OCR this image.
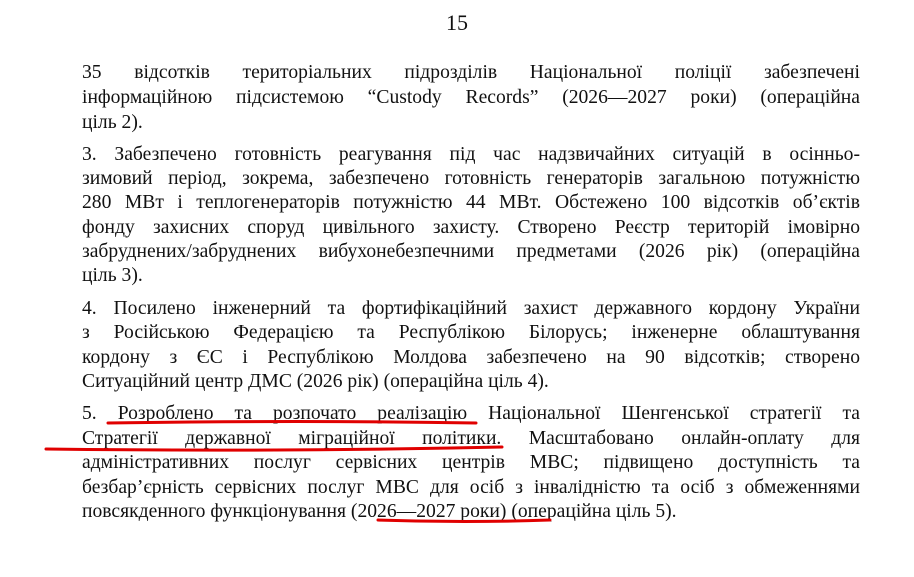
15
35 відсотків територіальних підрозділів Національної поліції забезпечені
інформаційною підсистемою “Custody Records” (2026—2027 роки) (операційна
ціль 2).
3. Забезпечено готовність реагування під час надзвичайних ситуацій в осінньо-
зимовий період, зокрема, забезпечено готовність генераторів загальною потужністю
280 МВт і теплогенераторів потужністю 44 МВт. Обстежено 100 відсотків об’єктів
фонду захисних споруд цивільного захисту. Створено Реєстр територій імовірно
забруднених/забруднених вибухонебезпечними предметами (2026 рік) (операційна
ціль 3).
4. Посилено інженерний та фортифікаційний захист державного кордону України
з Російською Федерацією та Республікою Білорусь; інженерне облаштування
кордону з ЄС і Республікою Молдова забезпечено на 90 відсотків; створено
Ситуаційний центр ДМС (2026 рік) (операційна ціль 4).
5. Розроблено та розпочато реалізацію Національної Шенгенської стратегії та
Стратегії державної міграційної політики. Масштабовано онлайн-оплату для
адміністративних послуг сервісних центрів МВС; підвищено доступність та
безбар’єрність сервісних послуг МВС для осіб з інвалідністю та осіб з обмеженнями
повсякденного функціонування (2026—2027 роки) (операційна ціль 5).
